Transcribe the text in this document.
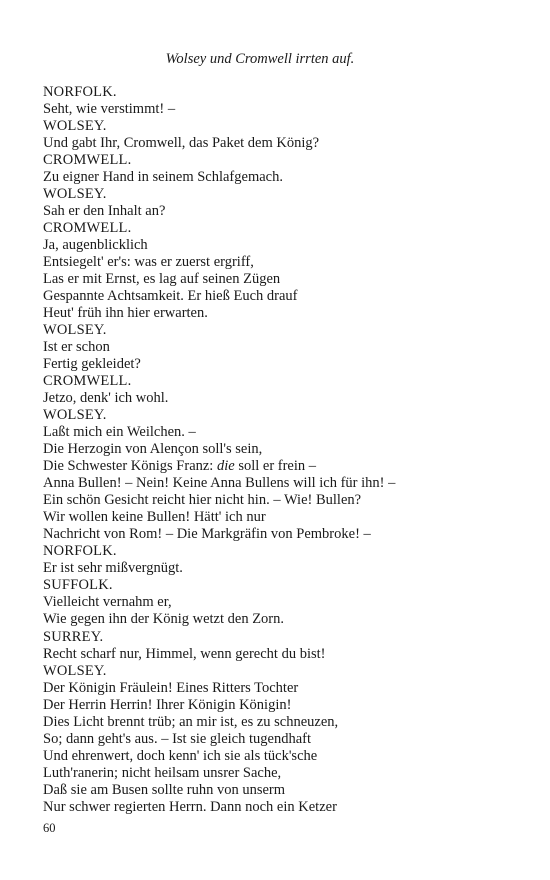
Wolsey und Cromwell irrten auf.

NORFOLK.
Seht, wie verstimmt! –
WOLSEY.
Und gabt Ihr, Cromwell, das Paket dem König?
CROMWELL.
Zu eigner Hand in seinem Schlafgemach.
WOLSEY.
Sah er den Inhalt an?
CROMWELL.
Ja, augenblicklich
Entsiegelt' er's: was er zuerst ergriff,
Las er mit Ernst, es lag auf seinen Zügen
Gespannte Achtsamkeit. Er hieß Euch drauf
Heut' früh ihn hier erwarten.
WOLSEY.
Ist er schon
Fertig gekleidet?
CROMWELL.
Jetzo, denk' ich wohl.
WOLSEY.
Laßt mich ein Weilchen. –
Die Herzogin von Alençon soll's sein,
Die Schwester Königs Franz: die soll er frein –
Anna Bullen! – Nein! Keine Anna Bullens will ich für ihn! –
Ein schön Gesicht reicht hier nicht hin. – Wie! Bullen?
Wir wollen keine Bullen! Hätt' ich nur
Nachricht von Rom! – Die Markgräfin von Pembroke! –
NORFOLK.
Er ist sehr mißvergnügt.
SUFFOLK.
Vielleicht vernahm er,
Wie gegen ihn der König wetzt den Zorn.
SURREY.
Recht scharf nur, Himmel, wenn gerecht du bist!
WOLSEY.
Der Königin Fräulein! Eines Ritters Tochter
Der Herrin Herrin! Ihrer Königin Königin!
Dies Licht brennt trüb; an mir ist, es zu schneuzen,
So; dann geht's aus. – Ist sie gleich tugendhaft
Und ehrenwert, doch kenn' ich sie als tück'sche
Luth'ranerin; nicht heilsam unsrer Sache,
Daß sie am Busen sollte ruhn von unserm
Nur schwer regierten Herrn. Dann noch ein Ketzer
60
